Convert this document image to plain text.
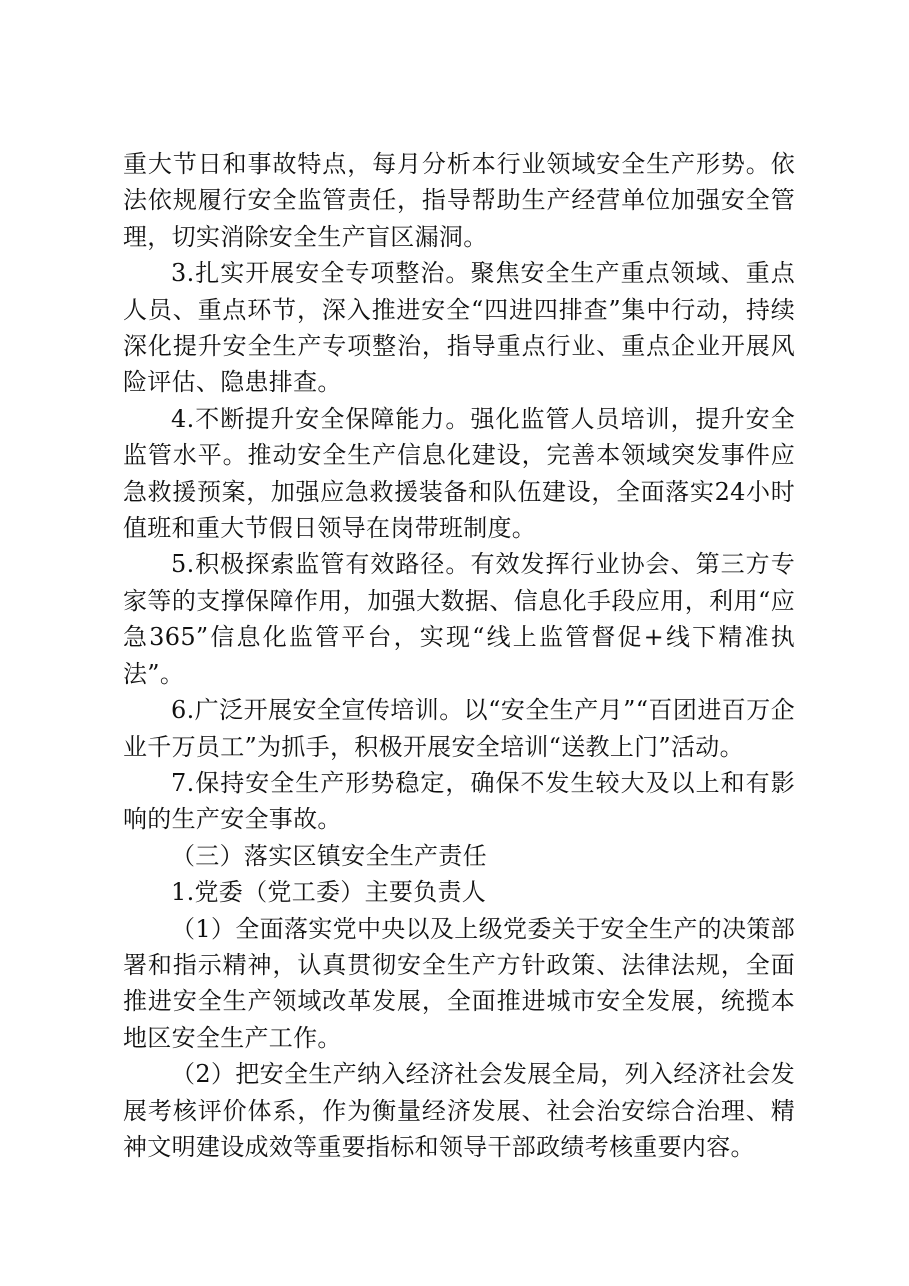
重大节日和事故特点，每月分析本行业领域安全生产形势。依法依规履行安全监管责任，指导帮助生产经营单位加强安全管理，切实消除安全生产盲区漏洞。

3.扎实开展安全专项整治。聚焦安全生产重点领域、重点人员、重点环节，深入推进安全“四进四排查”集中行动，持续深化提升安全生产专项整治，指导重点行业、重点企业开展风险评估、隐患排查。

4.不断提升安全保障能力。强化监管人员培训，提升安全监管水平。推动安全生产信息化建设，完善本领域突发事件应急救援预案，加强应急救援装备和队伍建设，全面落实24小时值班和重大节假日领导在岗带班制度。

5.积极探索监管有效路径。有效发挥行业协会、第三方专家等的支撑保障作用，加强大数据、信息化手段应用，利用“应急365”信息化监管平台，实现“线上监管督促+线下精准执法”。

6.广泛开展安全宣传培训。以“安全生产月”“百团进百万企业千万员工”为抓手，积极开展安全培训“送教上门”活动。

7.保持安全生产形势稳定，确保不发生较大及以上和有影响的生产安全事故。

（三）落实区镇安全生产责任

1.党委（党工委）主要负责人

（1）全面落实党中央以及上级党委关于安全生产的决策部署和指示精神，认真贯彻安全生产方针政策、法律法规，全面推进安全生产领域改革发展，全面推进城市安全发展，统揽本地区安全生产工作。

（2）把安全生产纳入经济社会发展全局，列入经济社会发展考核评价体系，作为衡量经济发展、社会治安综合治理、精神文明建设成效等重要指标和领导干部政绩考核重要内容。
